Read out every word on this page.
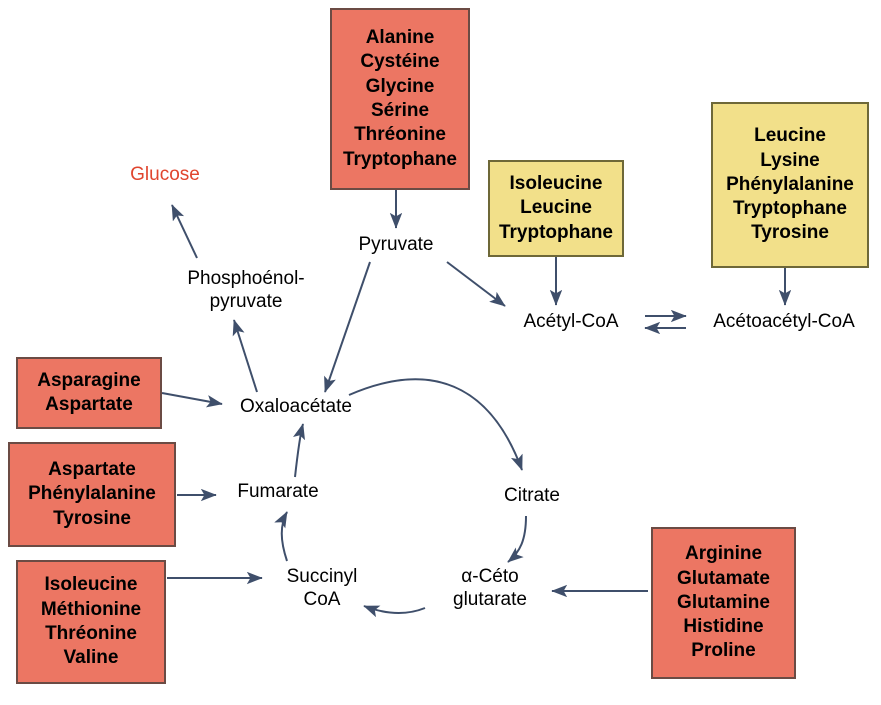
Alanine
Cystéine
Glycine
Sérine
Thréonine
Tryptophane
Isoleucine
Leucine
Tryptophane
Leucine
Lysine
Phénylalanine
Tryptophane
Tyrosine
Asparagine
Aspartate
Aspartate
Phénylalanine
Tyrosine
Isoleucine
Méthionine
Thréonine
Valine
Arginine
Glutamate
Glutamine
Histidine
Proline
Glucose
Phosphoénol-
pyruvate
Pyruvate
Acétyl-CoA	Acétoacétyl-CoA
Oxaloacétate
Citrate
Fumarate
Succinyl
CoA
α-Céto
glutarate
